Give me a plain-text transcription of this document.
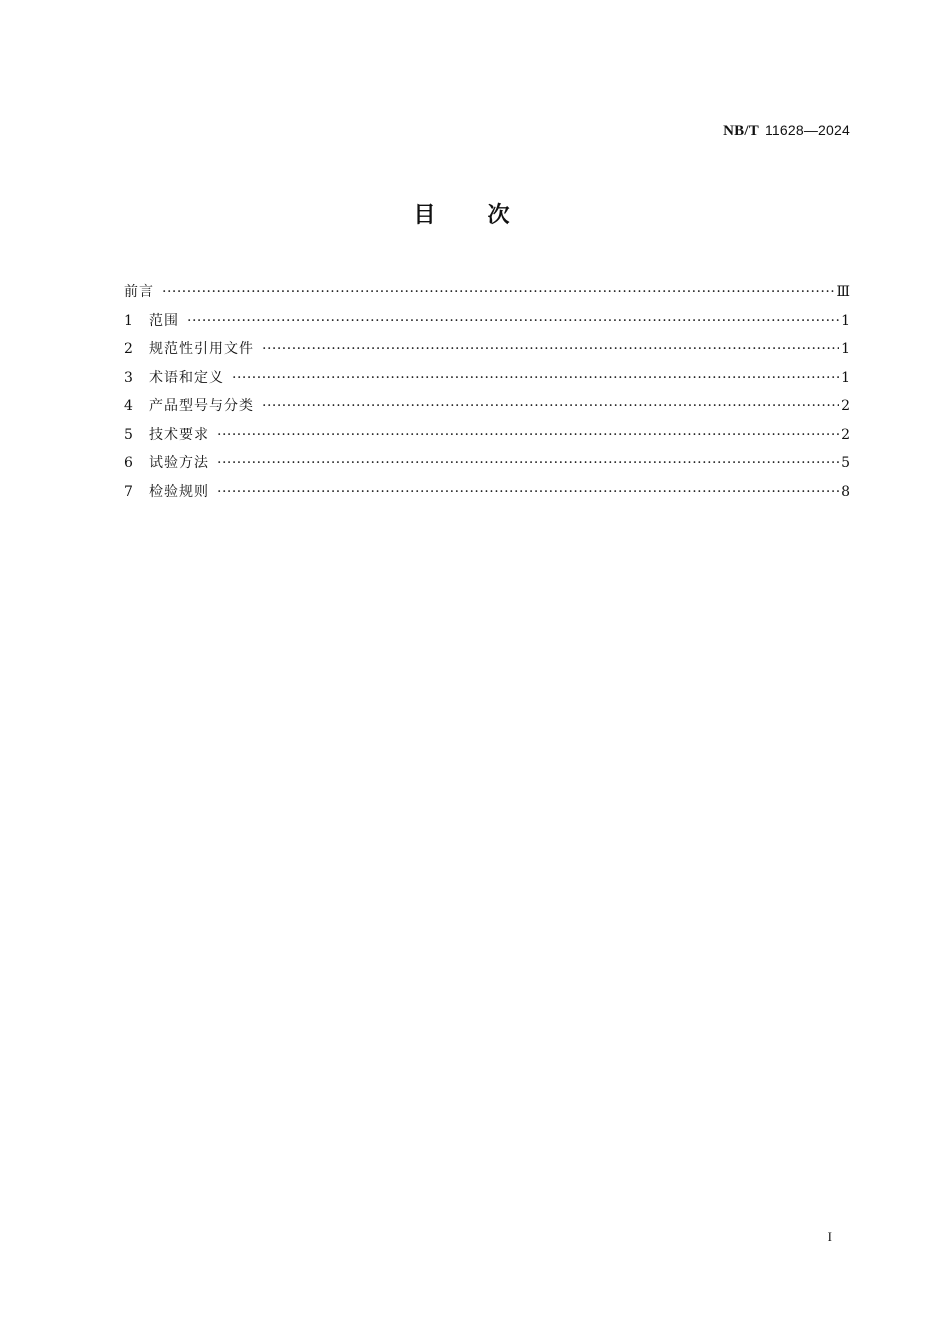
NB/T 11628—2024
目次
前言 ·····	Ⅲ
1	范围 ·····	1
2	规范性引用文件 ·····	1
3	术语和定义 ·····	1
4	产品型号与分类 ·····	2
5	技术要求 ·····	2
6	试验方法 ·····	5
7	检验规则 ·····	8
I
